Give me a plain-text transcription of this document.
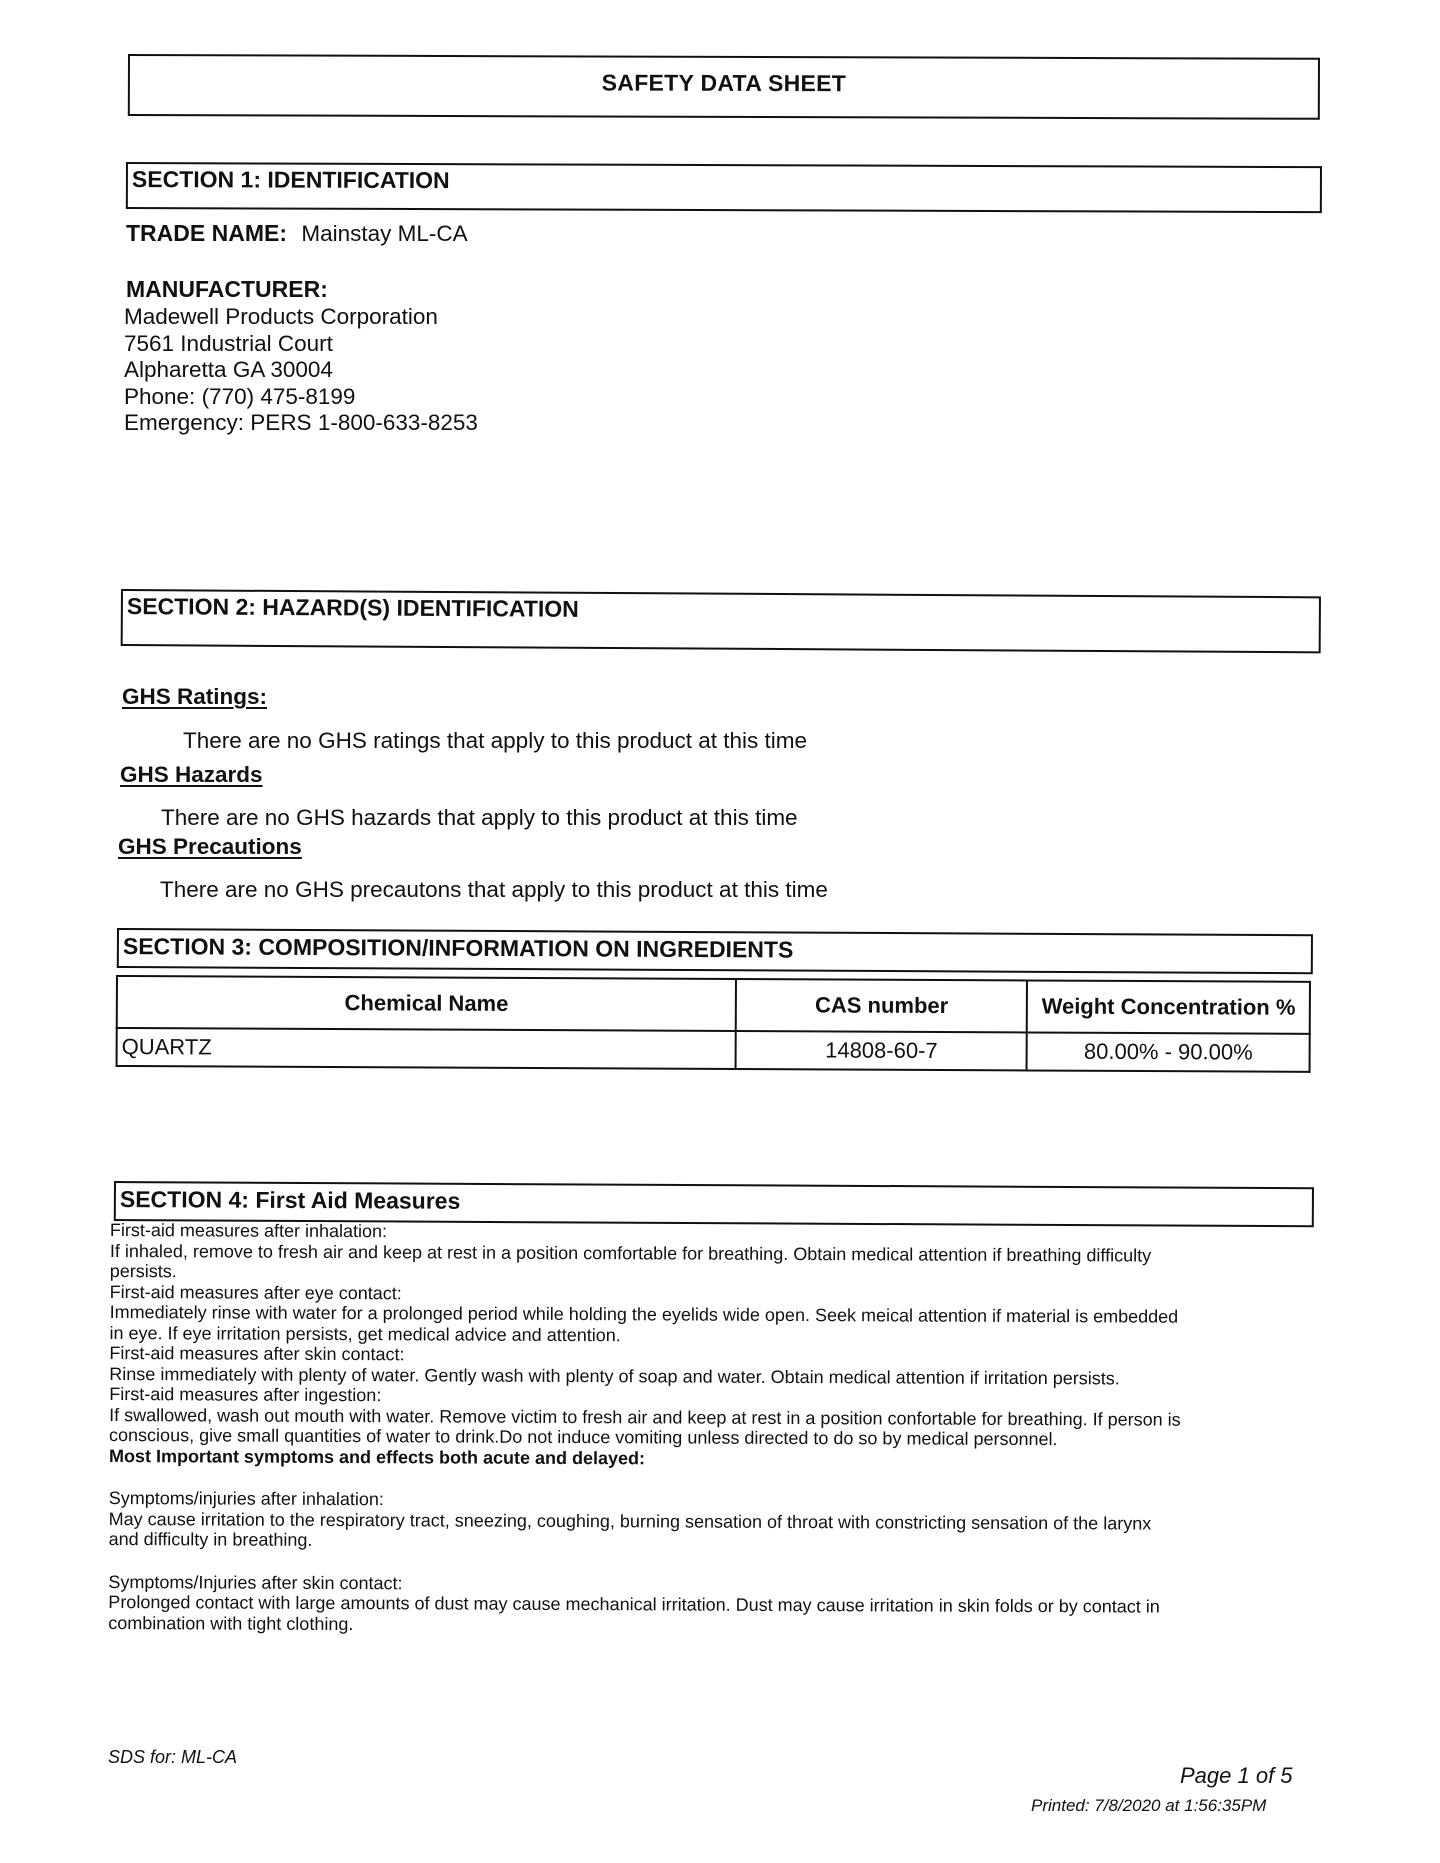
SAFETY DATA SHEET
SECTION 1: IDENTIFICATION
TRADE NAME: Mainstay ML-CA
MANUFACTURER:
Madewell Products Corporation
7561 Industrial Court
Alpharetta GA 30004
Phone: (770) 475-8199
Emergency: PERS 1-800-633-8253
SECTION 2: HAZARD(S) IDENTIFICATION
GHS Ratings:
There are no GHS ratings that apply to this product at this time
GHS Hazards
There are no GHS hazards that apply to this product at this time
GHS Precautions
There are no GHS precautons that apply to this product at this time
SECTION 3: COMPOSITION/INFORMATION ON INGREDIENTS
Chemical Name	CAS number	Weight Concentration %
QUARTZ	14808-60-7	80.00% - 90.00%
SECTION 4: First Aid Measures
First-aid measures after inhalation:
If inhaled, remove to fresh air and keep at rest in a position comfortable for breathing. Obtain medical attention if breathing difficulty
persists.
First-aid measures after eye contact:
Immediately rinse with water for a prolonged period while holding the eyelids wide open. Seek meical attention if material is embedded
in eye. If eye irritation persists, get medical advice and attention.
First-aid measures after skin contact:
Rinse immediately with plenty of water. Gently wash with plenty of soap and water. Obtain medical attention if irritation persists.
First-aid measures after ingestion:
If swallowed, wash out mouth with water. Remove victim to fresh air and keep at rest in a position confortable for breathing. If person is
conscious, give small quantities of water to drink.Do not induce vomiting unless directed to do so by medical personnel.
Most Important symptoms and effects both acute and delayed:
Symptoms/injuries after inhalation:
May cause irritation to the respiratory tract, sneezing, coughing, burning sensation of throat with constricting sensation of the larynx
and difficulty in breathing.
Symptoms/Injuries after skin contact:
Prolonged contact with large amounts of dust may cause mechanical irritation. Dust may cause irritation in skin folds or by contact in
combination with tight clothing.
SDS for: ML-CA
Page 1 of 5
Printed: 7/8/2020 at 1:56:35PM
